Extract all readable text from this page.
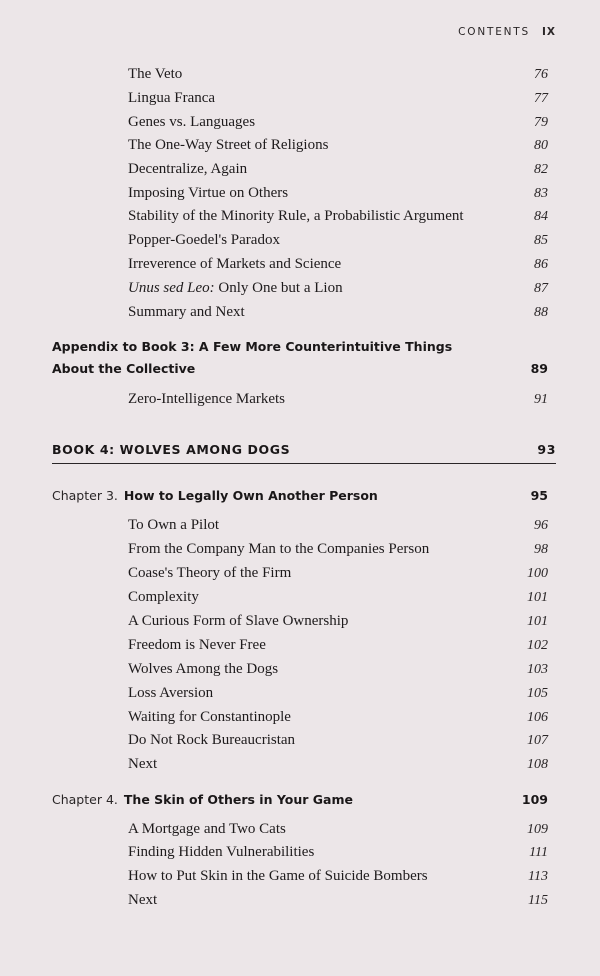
CONTENTS IX
The Veto	76
Lingua Franca	77
Genes vs. Languages	79
The One-Way Street of Religions	80
Decentralize, Again	82
Imposing Virtue on Others	83
Stability of the Minority Rule, a Probabilistic Argument	84
Popper-Goedel's Paradox	85
Irreverence of Markets and Science	86
Unus sed Leo: Only One but a Lion	87
Summary and Next	88
Appendix to Book 3: A Few More Counterintuitive Things
About the Collective	89
Zero-Intelligence Markets	91
BOOK 4: WOLVES AMONG DOGS	93
Chapter 3. How to Legally Own Another Person	95
To Own a Pilot	96
From the Company Man to the Companies Person	98
Coase's Theory of the Firm	100
Complexity	101
A Curious Form of Slave Ownership	101
Freedom is Never Free	102
Wolves Among the Dogs	103
Loss Aversion	105
Waiting for Constantinople	106
Do Not Rock Bureaucristan	107
Next	108
Chapter 4. The Skin of Others in Your Game	109
A Mortgage and Two Cats	109
Finding Hidden Vulnerabilities	111
How to Put Skin in the Game of Suicide Bombers	113
Next	115
